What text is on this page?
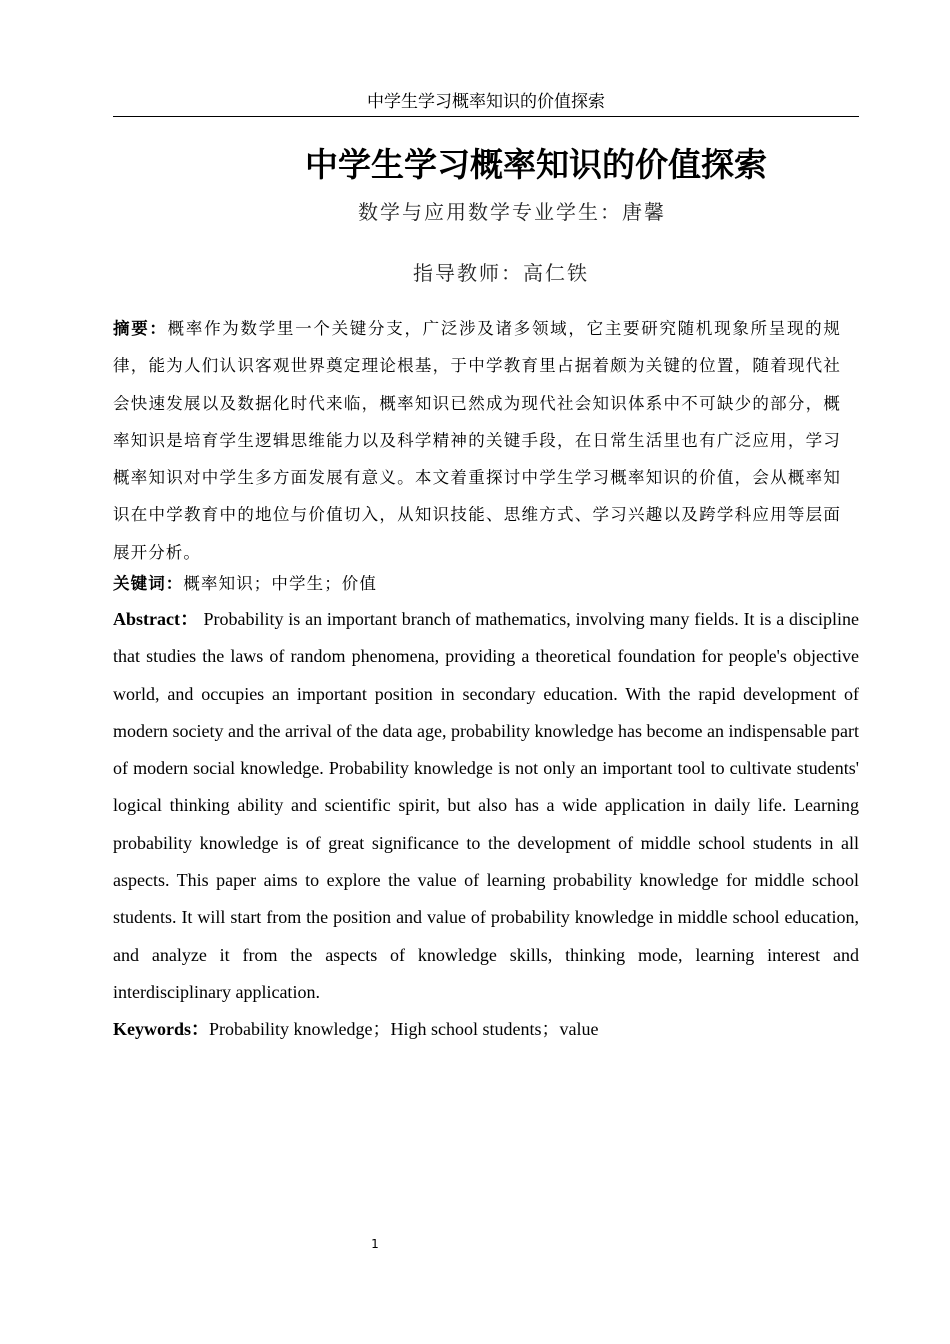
中学生学习概率知识的价值探索
中学生学习概率知识的价值探索
数学与应用数学专业学生：唐馨
指导教师：高仁铁

摘要：概率作为数学里一个关键分支，广泛涉及诸多领域，它主要研究随机现象所呈现的规律，能为人们认识客观世界奠定理论根基，于中学教育里占据着颇为关键的位置，随着现代社会快速发展以及数据化时代来临，概率知识已然成为现代社会知识体系中不可缺少的部分，概率知识是培育学生逻辑思维能力以及科学精神的关键手段，在日常生活里也有广泛应用，学习概率知识对中学生多方面发展有意义。本文着重探讨中学生学习概率知识的价值，会从概率知识在中学教育中的地位与价值切入，从知识技能、思维方式、学习兴趣以及跨学科应用等层面展开分析。

关键词：概率知识；中学生；价值

Abstract： Probability is an important branch of mathematics, involving many fields. It is a discipline that studies the laws of random phenomena, providing a theoretical foundation for people's objective world, and occupies an important position in secondary education. With the rapid development of modern society and the arrival of the data age, probability knowledge has become an indispensable part of modern social knowledge. Probability knowledge is not only an important tool to cultivate students' logical thinking ability and scientific spirit, but also has a wide application in daily life. Learning probability knowledge is of great significance to the development of middle school students in all aspects. This paper aims to explore the value of learning probability knowledge for middle school students. It will start from the position and value of probability knowledge in middle school education, and analyze it from the aspects of knowledge skills, thinking mode, learning interest and interdisciplinary application.

Keywords：Probability knowledge；High school students；value
1
